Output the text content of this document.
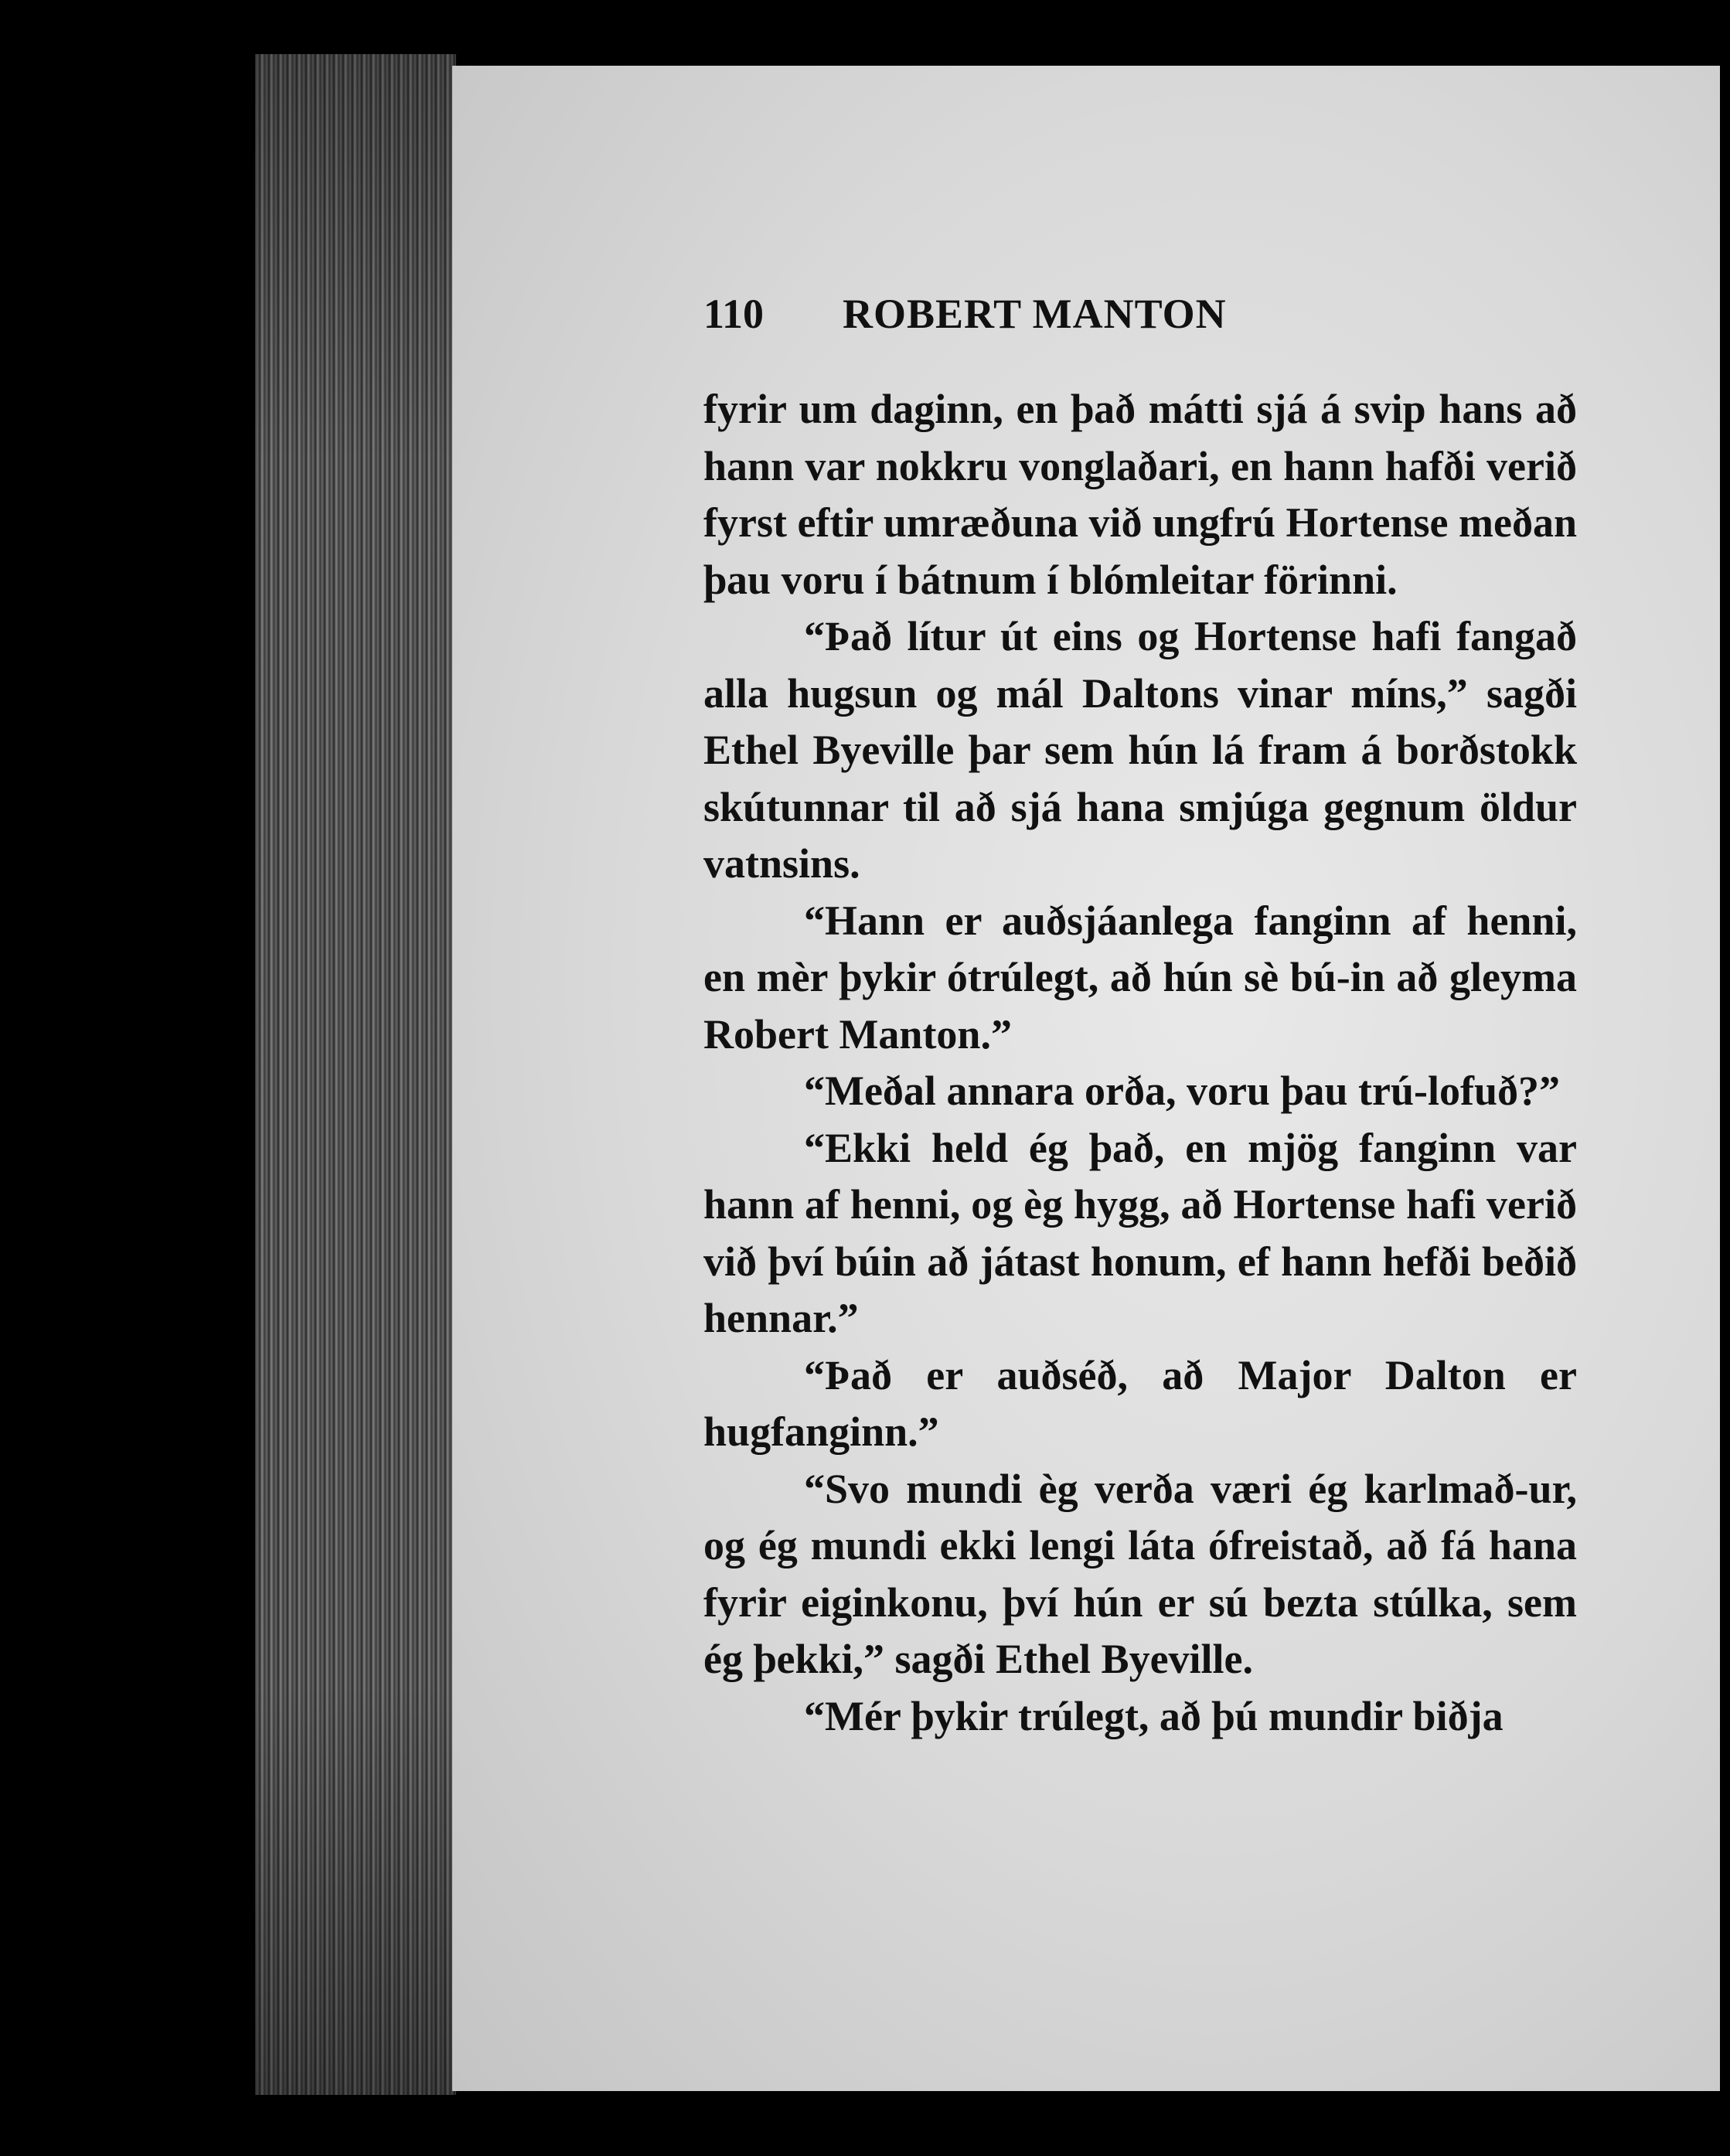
110	ROBERT MANTON

fyrir um daginn, en það mátti sjá á svip hans að hann var nokkru vonglaðari, en hann hafði verið fyrst eftir umræðuna við ungfrú Hortense meðan þau voru í bátnum í blómleitar förinni.

“Það lítur út eins og Hortense hafi fangað alla hugsun og mál Daltons vinar míns,” sagði Ethel Byeville þar sem hún lá fram á borðstokk skútunnar til að sjá hana smjúga gegnum öldur vatnsins.

“Hann er auðsjáanlega fanginn af henni, en mèr þykir ótrúlegt, að hún sè bú-in að gleyma Robert Manton.”

“Meðal annara orða, voru þau trú-lofuð?”

“Ekki held ég það, en mjög fanginn var hann af henni, og èg hygg, að Hortense hafi verið við því búin að játast honum, ef hann hefði beðið hennar.”

“Það er auðséð, að Major Dalton er hugfanginn.”

“Svo mundi èg verða væri ég karlmað-ur, og ég mundi ekki lengi láta ófreistað, að fá hana fyrir eiginkonu, því hún er sú bezta stúlka, sem ég þekki,” sagði Ethel Byeville.

“Mér þykir trúlegt, að þú mundir biðja
